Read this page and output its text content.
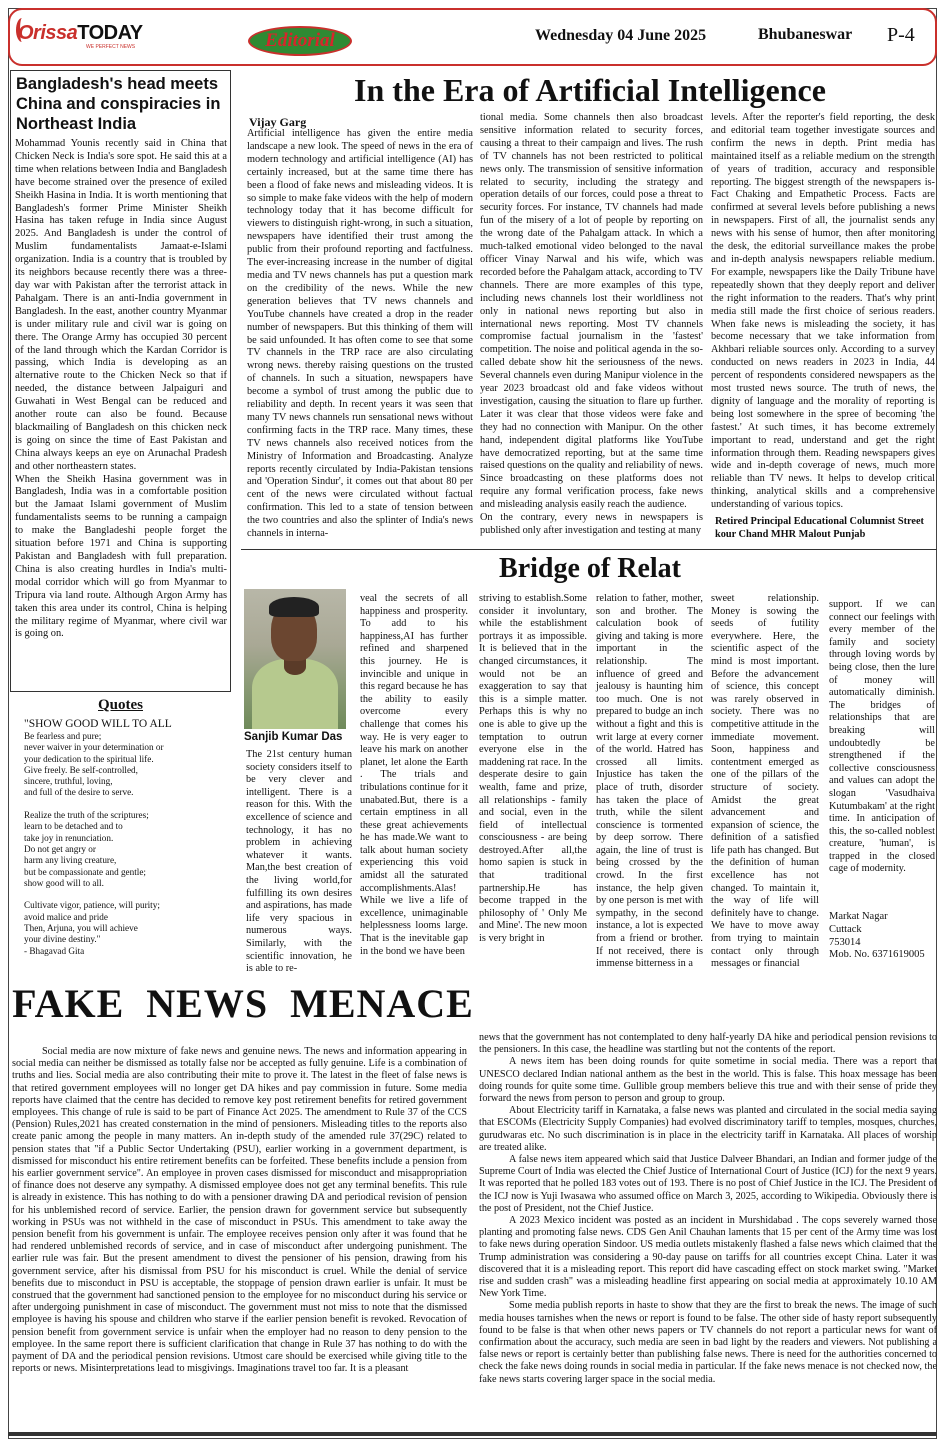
OrissaTODAY
WE PERFECT NEWS	Editorial	Wednesday 04 June 2025	Bhubaneswar P-4
Bangladesh's head meets China and conspiracies in Northeast India

Mohammad Younis recently said in China that Chicken Neck is India's sore spot. He said this at a time when relations between India and Bangladesh have become strained over the presence of exiled Sheikh Hasina in India. It is worth mentioning that Bangladesh's former Prime Minister Sheikh Hasina has taken refuge in India since August 2025. And Bangladesh is under the control of Muslim fundamentalists Jamaat-e-Islami organization. India is a country that is troubled by its neighbors because recently there was a three-day war with Pakistan after the terrorist attack in Pahalgam. There is an anti-India government in Bangladesh. In the east, another country Myanmar is under military rule and civil war is going on there. The Orange Army has occupied 30 percent of the land through which the Kardan Corridor is passing, which India is developing as an alternative route to the Chicken Neck so that if needed, the distance between Jalpaiguri and Guwahati in West Bengal can be reduced and another route can also be found. Because blackmailing of Bangladesh on this chicken neck is going on since the time of East Pakistan and China always keeps an eye on Arunachal Pradesh and other northeastern states.

When the Sheikh Hasina government was in Bangladesh, India was in a comfortable position but the Jamaat Islami government of Muslim fundamentalists seems to be running a campaign to make the Bangladeshi people forget the situation before 1971 and China is supporting Pakistan and Bangladesh with full preparation. China is also creating hurdles in India's multi-modal corridor which will go from Myanmar to Tripura via land route. Although Argon Army has taken this area under its control, China is helping the military regime of Myanmar, where civil war is going on.

Quotes
"SHOW GOOD WILL TO ALL
Be fearless and pure;
never waiver in your determination or
your dedication to the spiritual life.
Give freely. Be self-controlled,
sincere, truthful, loving,
and full of the desire to serve.

Realize the truth of the scriptures;
learn to be detached and to
take joy in renunciation.
Do not get angry or
harm any living creature,
but be compassionate and gentle;
show good will to all.

Cultivate vigor, patience, will purity;
avoid malice and pride
Then, Arjuna, you will achieve
your divine destiny."
- Bhagavad Gita
In the Era of Artificial Intelligence
Vijay Garg
Artificial intelligence has given the entire media landscape a new look. The speed of news in the era of modern technology and artificial intelligence (AI) has certainly increased, but at the same time there has been a flood of fake news and misleading videos. It is so simple to make fake videos with the help of modern technology today that it has become difficult for viewers to distinguish right-wrong, in such a situation, newspapers have identified their trust among the public from their profound reporting and factfulness. The ever-increasing increase in the number of digital media and TV news channels has put a question mark on the credibility of the news. While the new generation believes that TV news channels and YouTube channels have created a drop in the reader number of newspapers. But this thinking of them will be said unfounded. It has often come to see that some TV channels in the TRP race are also circulating wrong news. thereby raising questions on the trusted of channels. In such a situation, newspapers have become a symbol of trust among the public due to reliability and depth. In recent years it was seen that many TV news channels run sensational news without confirming facts in the TRP race. Many times, these TV news channels also received notices from the Ministry of Information and Broadcasting. Analyze reports recently circulated by India-Pakistan tensions and 'Operation Sindur', it comes out that about 80 per cent of the news were circulated without factual confirmation. This led to a state of tension between the two countries and also the splinter of India's news channels in interna-
tional media. Some channels then also broadcast sensitive information related to security forces, causing a threat to their campaign and lives. The rush of TV channels has not been restricted to political news only. The transmission of sensitive information related to security, including the strategy and operation details of our forces, could pose a threat to security forces. For instance, TV channels had made fun of the misery of a lot of people by reporting on the wrong date of the Pahalgam attack. In which a much-talked emotional video belonged to the naval officer Vinay Narwal and his wife, which was recorded before the Pahalgam attack, according to TV channels. There are more examples of this type, including news channels lost their worldliness not only in national news reporting but also in international news reporting. Most TV channels compromise factual journalism in the 'fastest' competition. The noise and political agenda in the so-called debate show hit the seriousness of the news. Several channels even during Manipur violence in the year 2023 broadcast old and fake videos without investigation, causing the situation to flare up further. Later it was clear that those videos were fake and they had no connection with Manipur. On the other hand, independent digital platforms like YouTube have democratized reporting, but at the same time raised questions on the quality and reliability of news. Since broadcasting on these platforms does not require any formal verification process, fake news and misleading analysis easily reach the audience.
On the contrary, every news in newspapers is published only after investigation and testing at many
levels. After the reporter's field reporting, the desk and editorial team together investigate sources and confirm the news in depth. Print media has maintained itself as a reliable medium on the strength of years of tradition, accuracy and responsible reporting. The biggest strength of the newspapers is- Fact Chaking and Empathetic Process. Facts are confirmed at several levels before publishing a news in newspapers. First of all, the journalist sends any news with his sense of humor, then after monitoring the desk, the editorial surveillance makes the probe and in-depth analysis newspapers reliable medium. For example, newspapers like the Daily Tribune have repeatedly shown that they deeply report and deliver the right information to the readers. That's why print media still made the first choice of serious readers. When fake news is misleading the society, it has become necessary that we take information from Akhbari reliable sources only. According to a survey conducted on news readers in 2023 in India, 44 percent of respondents considered newspapers as the most trusted news source. The truth of news, the dignity of language and the morality of reporting is being lost somewhere in the spree of becoming 'the fastest.' At such times, it has become extremely important to read, understand and get the right information through them. Reading newspapers gives wide and in-depth coverage of news, much more reliable than TV news. It helps to develop critical thinking, analytical skills and a comprehensive understanding of various topics.
Retired Principal Educational Columnist Street kour Chand MHR Malout Punjab
Bridge of Relat
Sanjib Kumar Das
The 21st century human society considers itself to be very clever and intelligent. There is a reason for this. With the excellence of science and technology, it has no problem in achieving whatever it wants. Man,the best creation of the living world,for fulfilling its own desires and aspirations, has made life very spacious in numerous ways. Similarly, with the scientific innovation, he is able to re-
veal the secrets of all happiness and prosperity. To add to his happiness,AI has further refined and sharpened this journey. He is invincible and unique in this regard because he has the ability to easily overcome every challenge that comes his way. He is very eager to leave his mark on another planet, let alone the Earth . The trials and tribulations continue for it unabated.But, there is a certain emptiness in all these great achievements he has made.We want to talk about human society experiencing this void amidst all the saturated accomplishments.Alas! While we live a life of excellence, unimaginable helplessness looms large. That is the inevitable gap in the bond we have been
striving to establish.Some consider it involuntary, while the establishment portrays it as impossible. It is believed that in the changed circumstances, it would not be an exaggeration to say that this is a simple matter. Perhaps this is why no one is able to give up the temptation to outrun everyone else in the maddening rat race. In the desperate desire to gain wealth, fame and prize, all relationships - family and social, even in the field of intellectual consciousness - are being destroyed.After all,the homo sapien is stuck in that traditional partnership.He has become trapped in the philosophy of ' Only Me and Mine'. The new moon is very bright in
relation to father, mother, son and brother. The calculation book of giving and taking is more important in the relationship. The influence of greed and jealousy is haunting him too much. One is not prepared to budge an inch without a fight and this is writ large at every corner of the world. Hatred has crossed all limits. Injustice has taken the place of truth, disorder has taken the place of truth, while the silent conscience is tormented by deep sorrow. There again, the line of trust is being crossed by the crowd. In the first instance, the help given by one person is met with sympathy, in the second instance, a lot is expected from a friend or brother. If not received, there is immense bitterness in a
sweet relationship. Money is sowing the seeds of futility everywhere. Here, the scientific aspect of the mind is most important. Before the advancement of science, this concept was rarely observed in society. There was no competitive attitude in the immediate movement. Soon, happiness and contentment emerged as one of the pillars of the structure of society. Amidst the great advancement and expansion of science, the definition of a satisfied life path has changed. But the definition of human excellence has not changed. To maintain it, the way of life will definitely have to change. We have to move away from trying to maintain contact only through messages or financial
support. If we can connect our feelings with every member of the family and society through loving words by being close, then the lure of money will automatically diminish. The bridges of relationships that are breaking will undoubtedly be strengthened if the collective consciousness and values can adopt the slogan 'Vasudhaiva Kutumbakam' at the right time. In anticipation of this, the so-called noblest creature, 'human', is trapped in the closed cage of modernity.
Markat Nagar
Cuttack
753014
Mob. No. 6371619005
FAKE  NEWS  MENACE

Social media are now mixture of fake news and genuine news. The news and information appearing in social media can neither be dismissed as totally false nor be accepted as fully genuine. Life is a combination of truths and lies. Social media are also contributing their mite to prove it. The latest in the fleet of false news is that retired government employees will no longer get DA hikes and pay commission in future. Some media reports have claimed that the centre has decided to remove key post retirement benefits for retired government employees. This change of rule is said to be part of Finance Act 2025. The amendment to Rule 37 of the CCS (Pension) Rules,2021 has created consternation in the mind of pensioners. Misleading titles to the reports also create panic among the people in many matters. An in-depth study of the amended rule 37(29C) related to pension states that "if a Public Sector Undertaking (PSU), earlier working in a government department, is dismissed for misconduct his entire retirement benefits can be forfeited. These benefits include a pension from his earlier government service". An employee in proven cases dismissed for misconduct and misappropriation of finance does not deserve any sympathy. A dismissed employee does not get any terminal benefits. This rule is already in existence. This has nothing to do with a pensioner drawing DA and periodical revision of pension for his unblemished record of service. Earlier, the pension drawn for government service but subsequently working in PSUs was not withheld in the case of misconduct in PSUs. This amendment to take away the pension benefit from his government is unfair. The employee receives pension only after it was found that he had rendered unblemished records of service, and in case of misconduct after undergoing punishment. The earlier rule was fair. But the present amendment to divest the pensioner of his pension, drawing from his government service, after his dismissal from PSU for his misconduct is cruel. While the denial of service benefits due to misconduct in PSU is acceptable, the stoppage of pension drawn earlier is unfair. It must be construed that the government had sanctioned pension to the employee for no misconduct during his service or after undergoing punishment in case of misconduct. The government must not miss to note that the dismissed employee is having his spouse and children who starve if the earlier pension benefit is revoked. Revocation of pension benefit from government service is unfair when the employer had no reason to deny pension to the employee. In the same report there is sufficient clarification that change in Rule 37 has nothing to do with the payment of DA and the periodical pension revisions. Utmost care should be exercised while giving title to the reports or news. Misinterpretations lead to misgivings. Imaginations travel too far. It is a pleasant

news that the government has not contemplated to deny half-yearly DA hike and periodical pension revisions to the pensioners. In this case, the headline was startling but not the contents of the report.

A news item has been doing rounds for quite sometime in social media. There was a report that UNESCO declared Indian national anthem as the best in the world. This is false. This hoax message has been doing rounds for quite some time. Gullible group members believe this true and with their sense of pride they forward the news from person to person and group to group.

About Electricity tariff in Karnataka, a false news was planted and circulated in the social media saying that ESCOMs (Electricity Supply Companies) had evolved discriminatory tariff to temples, mosques, churches, gurudwaras etc. No such discrimination is in place in the electricity tariff in Karnataka. All places of worship are treated alike.

A false news item appeared which said that Justice Dalveer Bhandari, an Indian and former judge of the Supreme Court of India was elected the Chief Justice of International Court of Justice (ICJ) for the next 9 years. It was reported that he polled 183 votes out of 193. There is no post of Chief Justice in the ICJ. The President of the ICJ now is Yuji Iwasawa who assumed office on March 3, 2025, according to Wikipedia. Obviously there is the post of President, not the Chief Justice.

A 2023 Mexico incident was posted as an incident in Murshidabad . The cops severely warned those planting and promoting false news. CDS Gen Anil Chauhan laments that 15 per cent of the Army time was lost to fake news during operation Sindoor. US media outlets mistakenly flashed a false news which claimed that the Trump administration was considering a 90-day pause on tariffs for all countries except China. Later it was discovered that it is a misleading report. This report did have cascading effect on stock market swing. "Market rise and sudden crash" was a misleading headline first appearing on social media at approximately 10.10 AM New York Time.

Some media publish reports in haste to show that they are the first to break the news. The image of such media houses tarnishes when the news or report is found to be false. The other side of hasty report subsequently found to be false is that when other news papers or TV channels do not report a particular news for want of confirmation about the accuracy, such media are seen in bad light by the readers and viewers. Not publishing a false news or report is certainly better than publishing false news. There is need for the authorities concerned to check the fake news doing rounds in social media in particular. If the fake news menace is not checked now, the fake news starts covering larger space in the social media.
